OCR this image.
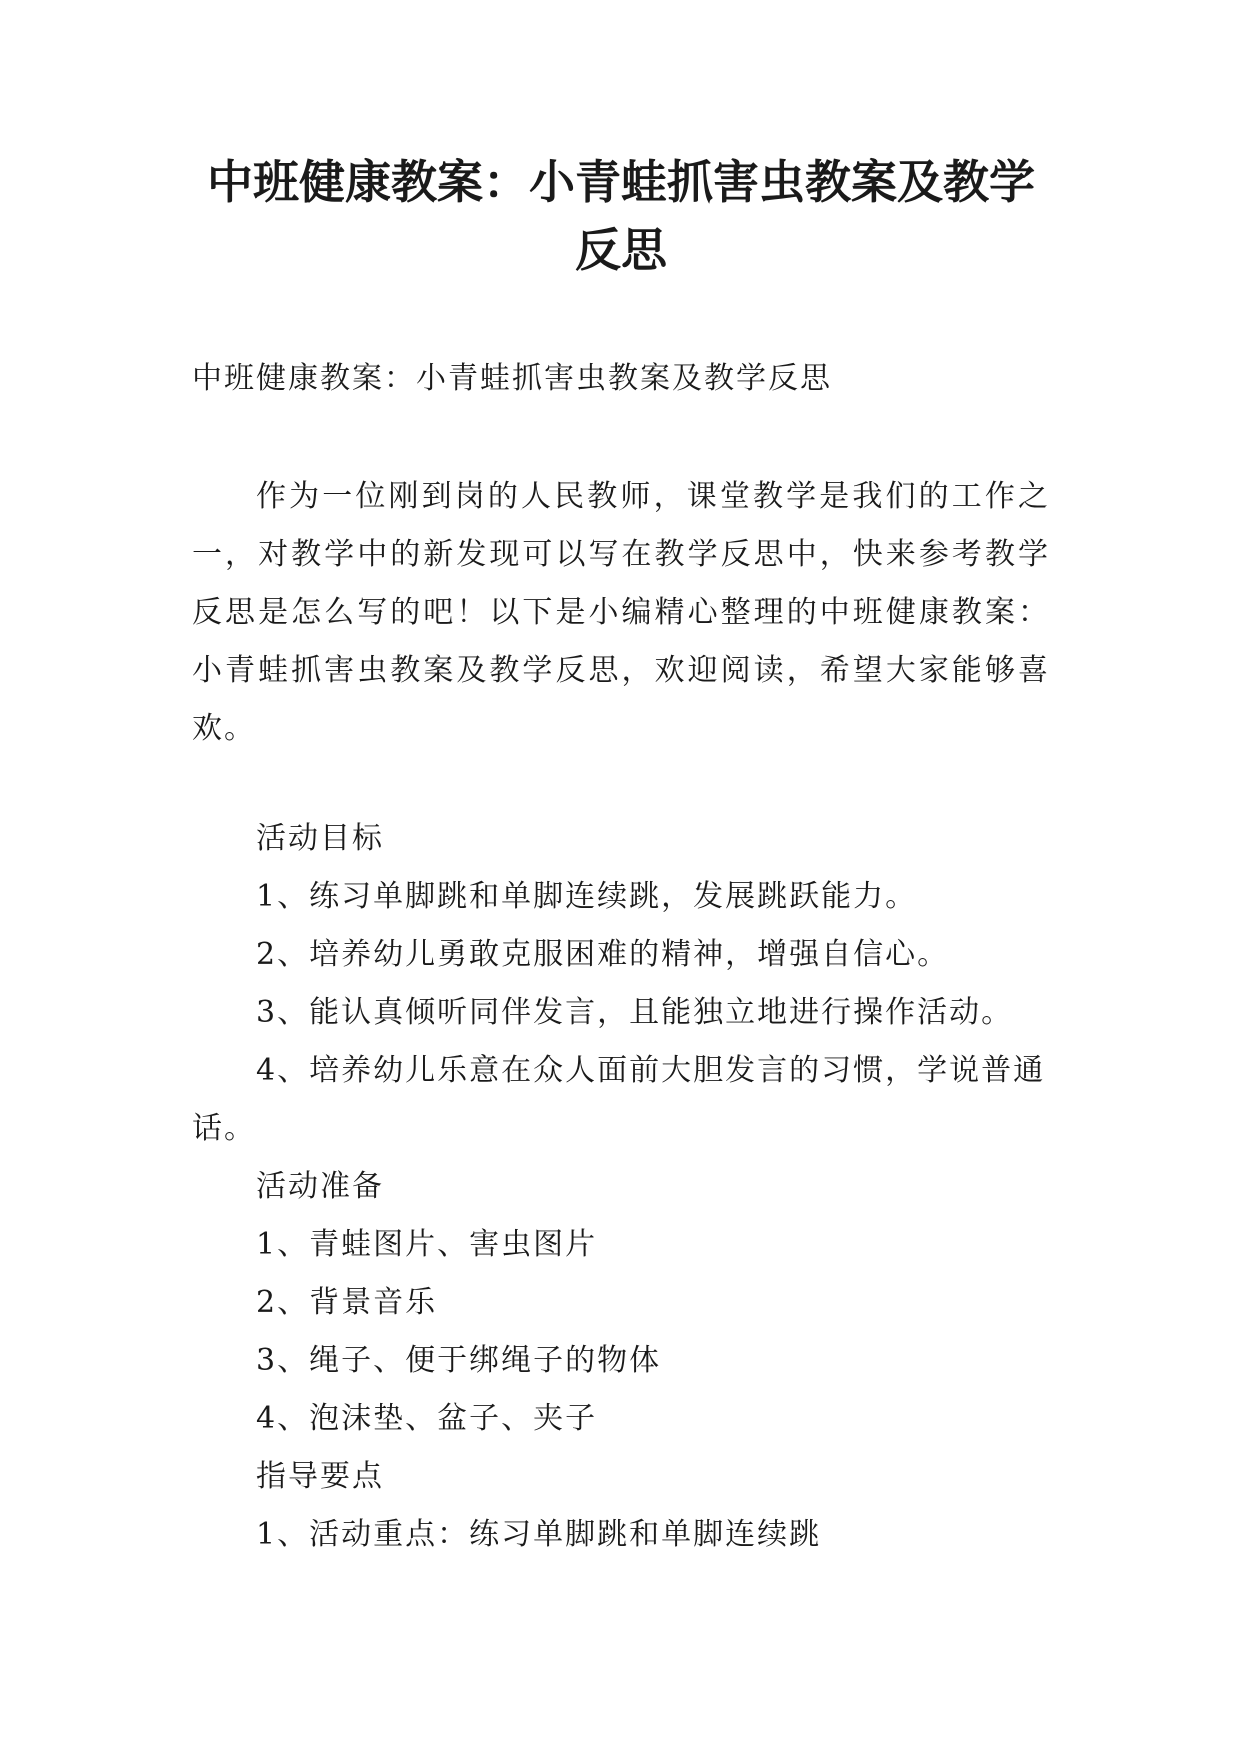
中班健康教案：小青蛙抓害虫教案及教学反思

中班健康教案：小青蛙抓害虫教案及教学反思

作为一位刚到岗的人民教师，课堂教学是我们的工作之一，对教学中的新发现可以写在教学反思中，快来参考教学反思是怎么写的吧！以下是小编精心整理的中班健康教案：小青蛙抓害虫教案及教学反思，欢迎阅读，希望大家能够喜欢。

活动目标

1、练习单脚跳和单脚连续跳，发展跳跃能力。

2、培养幼儿勇敢克服困难的精神，增强自信心。

3、能认真倾听同伴发言，且能独立地进行操作活动。

4、培养幼儿乐意在众人面前大胆发言的习惯，学说普通话。

活动准备

1、青蛙图片、害虫图片

2、背景音乐

3、绳子、便于绑绳子的物体

4、泡沫垫、盆子、夹子

指导要点

1、活动重点：练习单脚跳和单脚连续跳
